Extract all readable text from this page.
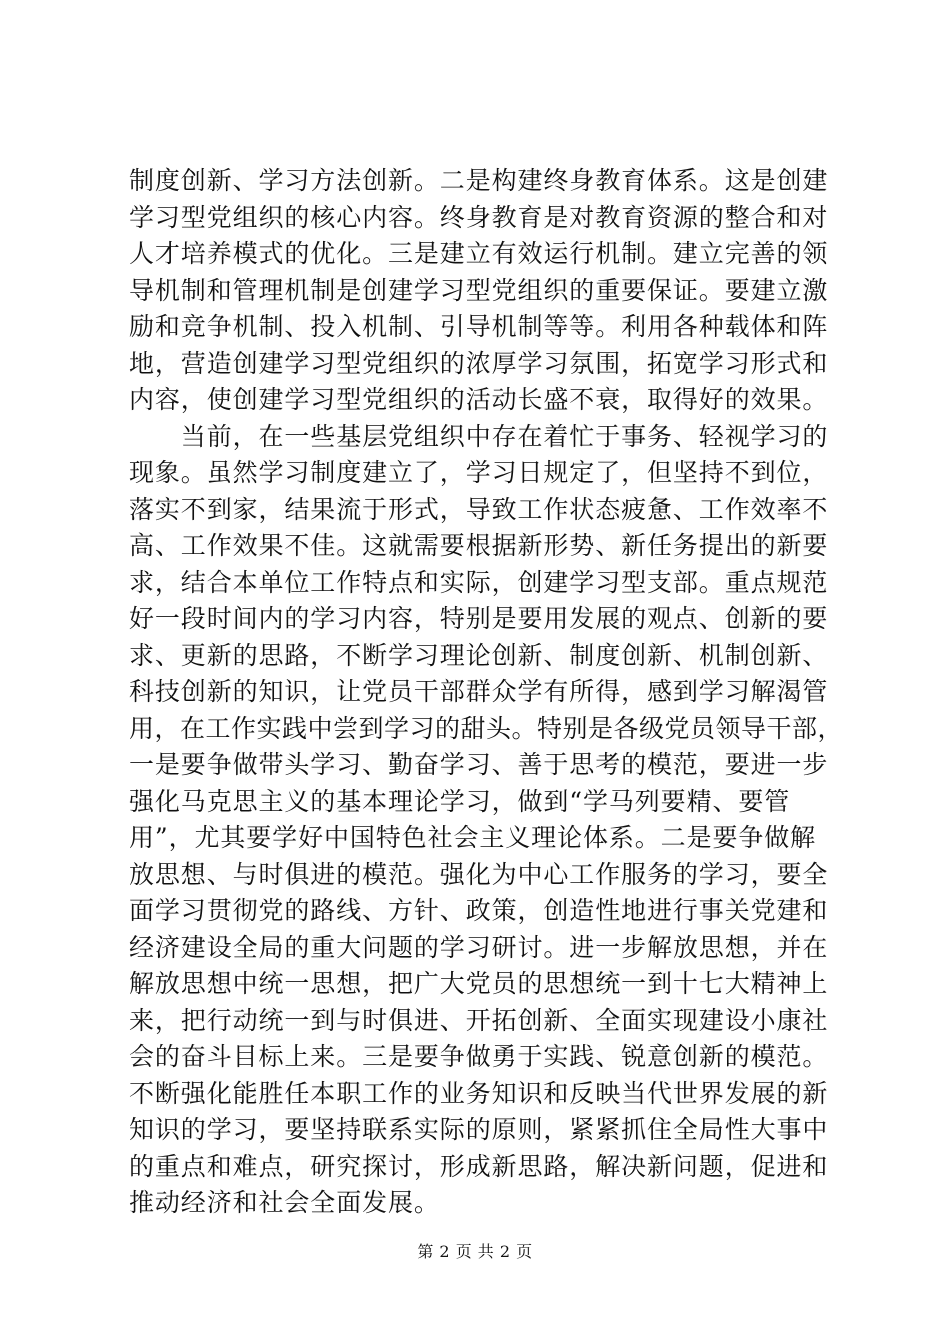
制度创新、学习方法创新。二是构建终身教育体系。这是创建
学习型党组织的核心内容。终身教育是对教育资源的整合和对
人才培养模式的优化。三是建立有效运行机制。建立完善的领
导机制和管理机制是创建学习型党组织的重要保证。要建立激
励和竞争机制、投入机制、引导机制等等。利用各种载体和阵
地，营造创建学习型党组织的浓厚学习氛围，拓宽学习形式和
内容，使创建学习型党组织的活动长盛不衰，取得好的效果。
　　当前，在一些基层党组织中存在着忙于事务、轻视学习的
现象。虽然学习制度建立了，学习日规定了，但坚持不到位，
落实不到家，结果流于形式，导致工作状态疲惫、工作效率不
高、工作效果不佳。这就需要根据新形势、新任务提出的新要
求，结合本单位工作特点和实际，创建学习型支部。重点规范
好一段时间内的学习内容，特别是要用发展的观点、创新的要
求、更新的思路，不断学习理论创新、制度创新、机制创新、
科技创新的知识，让党员干部群众学有所得，感到学习解渴管
用，在工作实践中尝到学习的甜头。特别是各级党员领导干部，
一是要争做带头学习、勤奋学习、善于思考的模范，要进一步
强化马克思主义的基本理论学习，做到“学马列要精、要管
用”，尤其要学好中国特色社会主义理论体系。二是要争做解
放思想、与时俱进的模范。强化为中心工作服务的学习，要全
面学习贯彻党的路线、方针、政策，创造性地进行事关党建和
经济建设全局的重大问题的学习研讨。进一步解放思想，并在
解放思想中统一思想，把广大党员的思想统一到十七大精神上
来，把行动统一到与时俱进、开拓创新、全面实现建设小康社
会的奋斗目标上来。三是要争做勇于实践、锐意创新的模范。
不断强化能胜任本职工作的业务知识和反映当代世界发展的新
知识的学习，要坚持联系实际的原则，紧紧抓住全局性大事中
的重点和难点，研究探讨，形成新思路，解决新问题，促进和
推动经济和社会全面发展。
第 2 页 共 2 页
